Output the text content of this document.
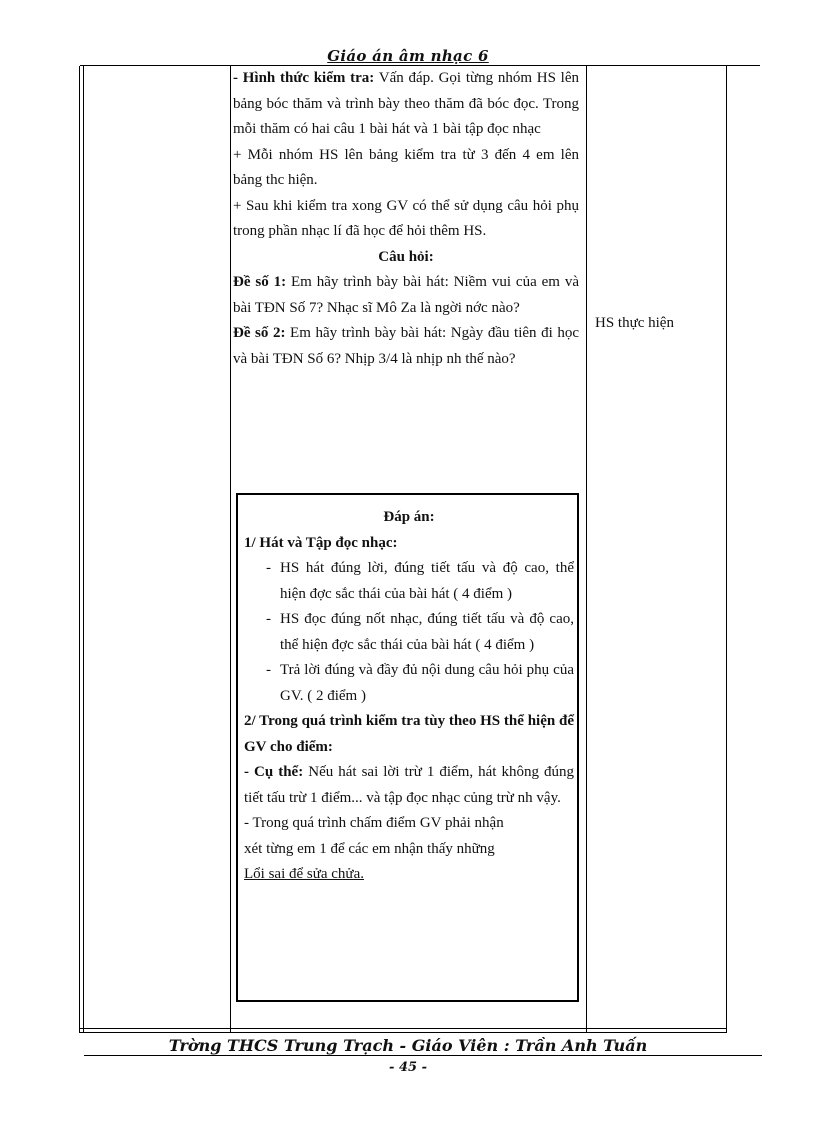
Giáo án âm nhạc 6

- Hình thức kiểm tra: Vấn đáp. Gọi từng nhóm HS lên bảng bóc thăm và trình bày theo thăm đã bóc đọc. Trong mỗi thăm có hai câu 1 bài hát và 1 bài tập đọc nhạc

+ Mỗi nhóm HS lên bảng kiểm tra từ 3 đến 4 em lên bảng thc hiện.

+ Sau khi kiểm tra xong GV có thể sử dụng câu hỏi phụ trong phần nhạc lí đã học để hỏi thêm HS.

Câu hỏi:

Đề số 1: Em hãy trình bày bài hát: Niềm vui của em và bài TĐN Số 7? Nhạc sĩ Mô Za là ngời nớc nào?

Đề số 2: Em hãy trình bày bài hát: Ngày đầu tiên đi học và bài TĐN Số 6? Nhịp 3/4 là nhịp nh thế nào?

HS thực hiện

Đáp án:

1/ Hát và Tập đọc nhạc:

- HS hát đúng lời, đúng tiết tấu và độ cao, thể hiện đợc sắc thái của bài hát ( 4 điểm )

- HS đọc đúng nốt nhạc, đúng tiết tấu và độ cao, thể hiện đợc sắc thái của bài hát ( 4 điểm )

- Trả lời đúng và đầy đủ nội dung câu hỏi phụ của GV. ( 2 điểm )

2/ Trong quá trình kiểm tra tùy theo HS thể hiện để GV cho điểm:

- Cụ thể: Nếu hát sai lời trừ 1 điểm, hát không đúng tiết tấu trừ 1 điểm... và tập đọc nhạc củng trừ nh vậy.

- Trong quá trình chấm điểm GV phải nhận

xét từng em 1 để các em nhận thấy những

Lổi sai để sửa chửa.

Trờng THCS Trung Trạch - Giáo Viên : Trần Anh Tuấn
- 45 -
